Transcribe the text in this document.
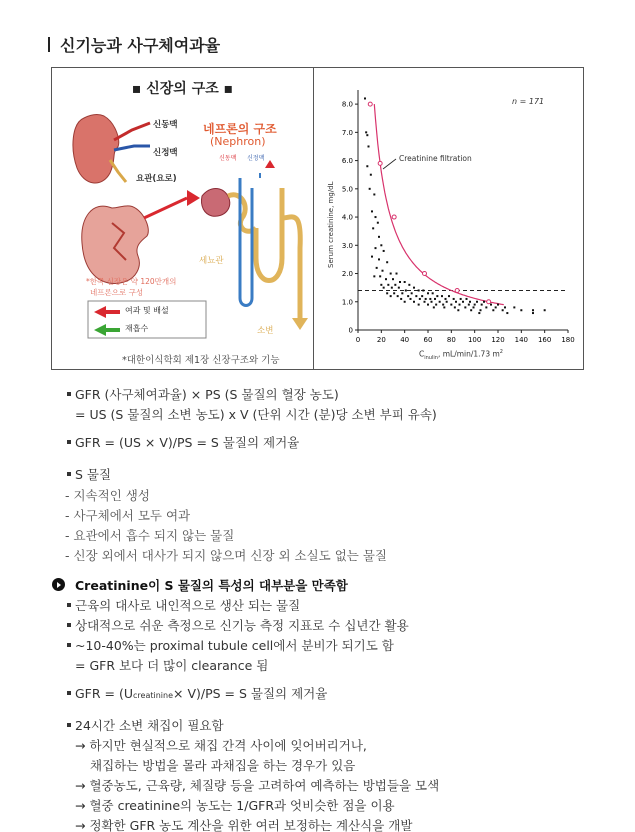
신기능과 사구체여과율
▪ 신장의 구조 ▪
신동맥
신정맥
요관(요로)
네프론의 구조
(Nephron)
신동맥 신정맥
세뇨관
소변
*한쪽 신장은 약 120만개의
네프론으로 구성
여과 및 배설
재흡수
*대한이식학회 제1장 신장구조와 기능
0 20 40 60 80 100 120 140 160 180
0
1.0
2.0
3.0
4.0
5.0
6.0
7.0
8.0	n = 171
Creatinine filtration
Serum creatinine, mg/dL
$C_{inulin}$, mL/min/1.73 $m^2$
GFR (사구체여과율) × PS (S 물질의 혈장 농도)
= US (S 물질의 소변 농도) x V (단위 시간 (분)당 소변 부피 유속)
GFR = (US × V)/PS = S 물질의 제거율
S 물질
- 지속적인 생성
- 사구체에서 모두 여과
- 요관에서 흡수 되지 않는 물질
- 신장 외에서 대사가 되지 않으며 신장 외 소실도 없는 물질
Creatinine이 S 물질의 특성의 대부분을 만족함
근육의 대사로 내인적으로 생산 되는 물질
상대적으로 쉬운 측정으로 신기능 측정 지표로 수 십년간 활용
~10-40%는 proximal tubule cell에서 분비가 되기도 함
= GFR 보다 더 많이 clearance 됨
GFR = (Ucreatinine× V)/PS = S 물질의 제거율
24시간 소변 채집이 필요함
→ 하지만 현실적으로 채집 간격 사이에 잊어버리거나,
채집하는 방법을 몰라 과채집을 하는 경우가 있음
→ 혈중농도, 근육량, 체질량 등을 고려하여 예측하는 방법들을 모색
→ 혈중 creatinine의 농도는 1/GFR과 엇비슷한 점을 이용
→ 정확한 GFR 농도 계산을 위한 여러 보정하는 계산식을 개발
